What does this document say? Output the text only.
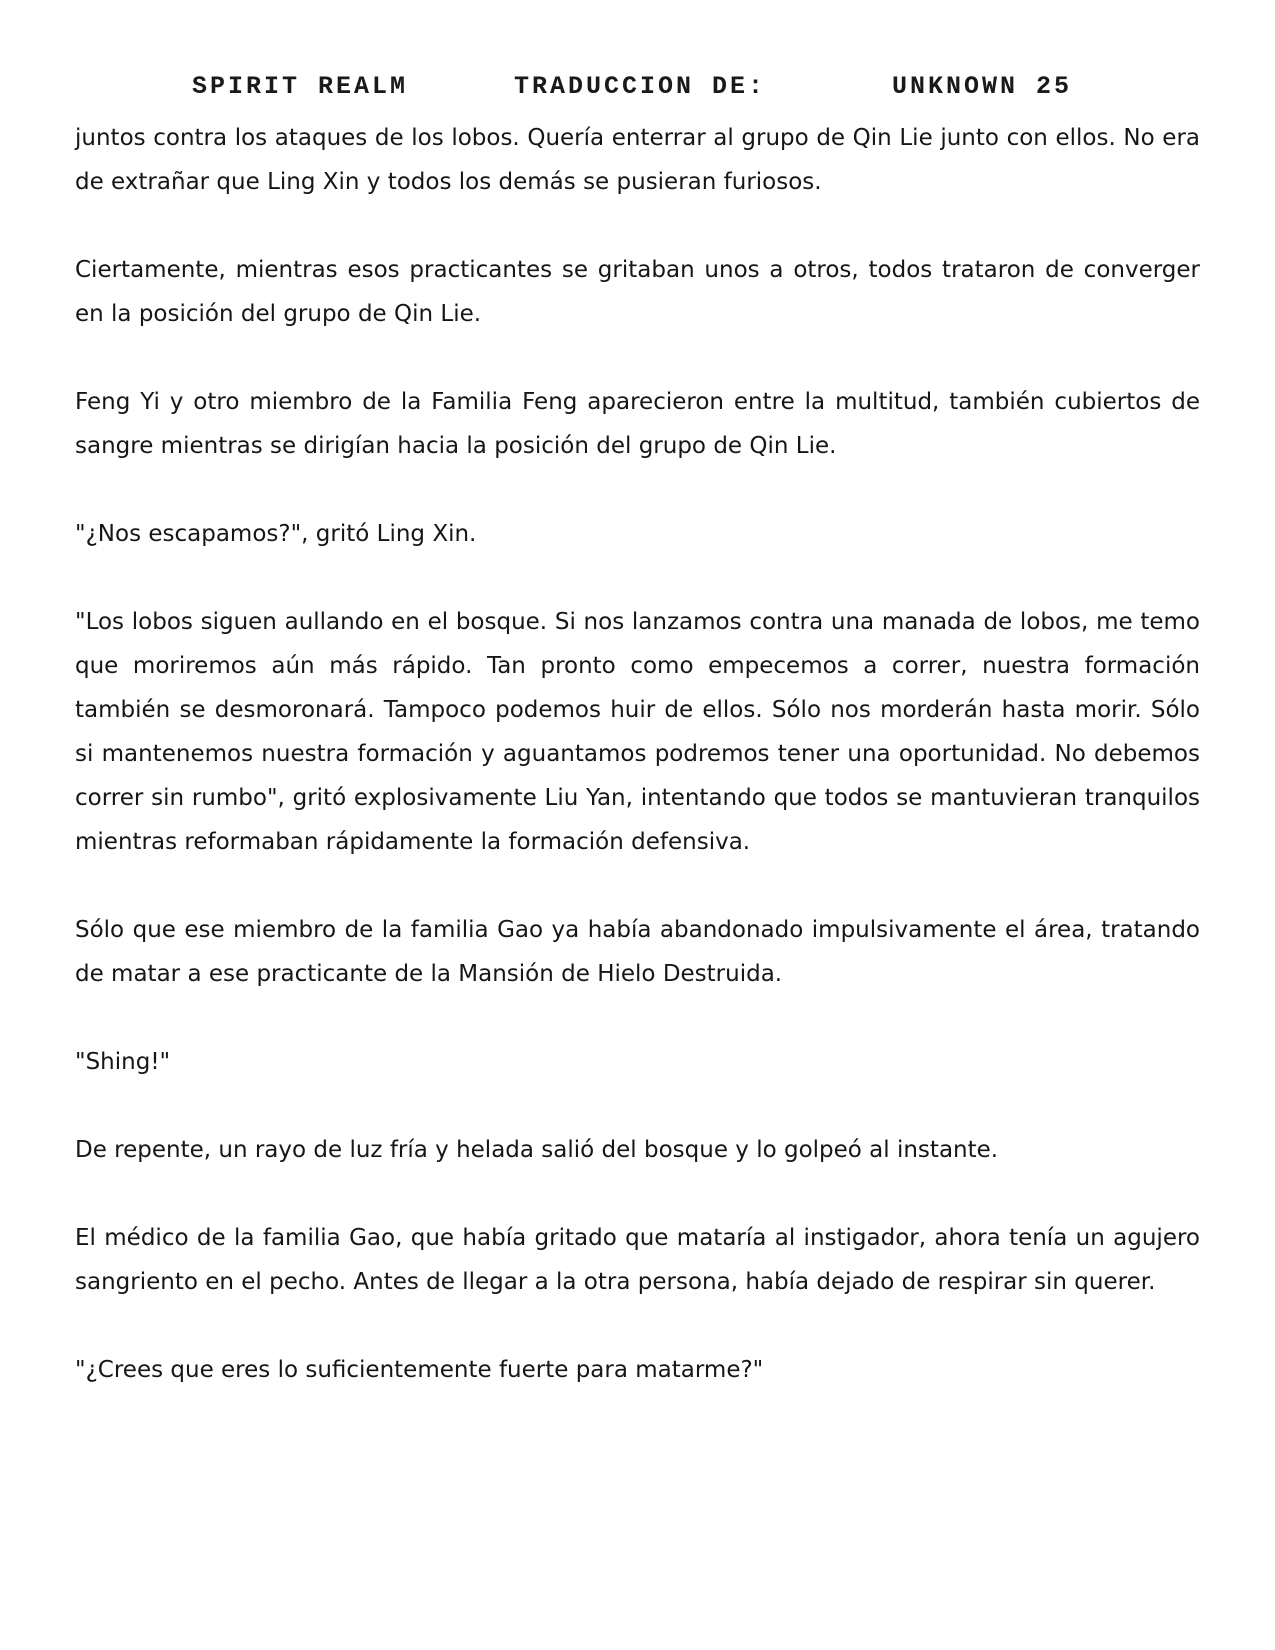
SPIRIT REALM	TRADUCCION DE:	UNKNOWN 25

juntos contra los ataques de los lobos. Quería enterrar al grupo de Qin Lie junto con ellos. No era de extrañar que Ling Xin y todos los demás se pusieran furiosos.

Ciertamente, mientras esos practicantes se gritaban unos a otros, todos trataron de converger en la posición del grupo de Qin Lie.

Feng Yi y otro miembro de la Familia Feng aparecieron entre la multitud, también cubiertos de sangre mientras se dirigían hacia la posición del grupo de Qin Lie.

"¿Nos escapamos?", gritó Ling Xin.

"Los lobos siguen aullando en el bosque. Si nos lanzamos contra una manada de lobos, me temo que moriremos aún más rápido. Tan pronto como empecemos a correr, nuestra formación también se desmoronará. Tampoco podemos huir de ellos. Sólo nos morderán hasta morir. Sólo si mantenemos nuestra formación y aguantamos podremos tener una oportunidad. No debemos correr sin rumbo", gritó explosivamente Liu Yan, intentando que todos se mantuvieran tranquilos mientras reformaban rápidamente la formación defensiva.

Sólo que ese miembro de la familia Gao ya había abandonado impulsivamente el área, tratando de matar a ese practicante de la Mansión de Hielo Destruida.

"Shing!"

De repente, un rayo de luz fría y helada salió del bosque y lo golpeó al instante.

El médico de la familia Gao, que había gritado que mataría al instigador, ahora tenía un agujero sangriento en el pecho. Antes de llegar a la otra persona, había dejado de respirar sin querer.

"¿Crees que eres lo suficientemente fuerte para matarme?"
